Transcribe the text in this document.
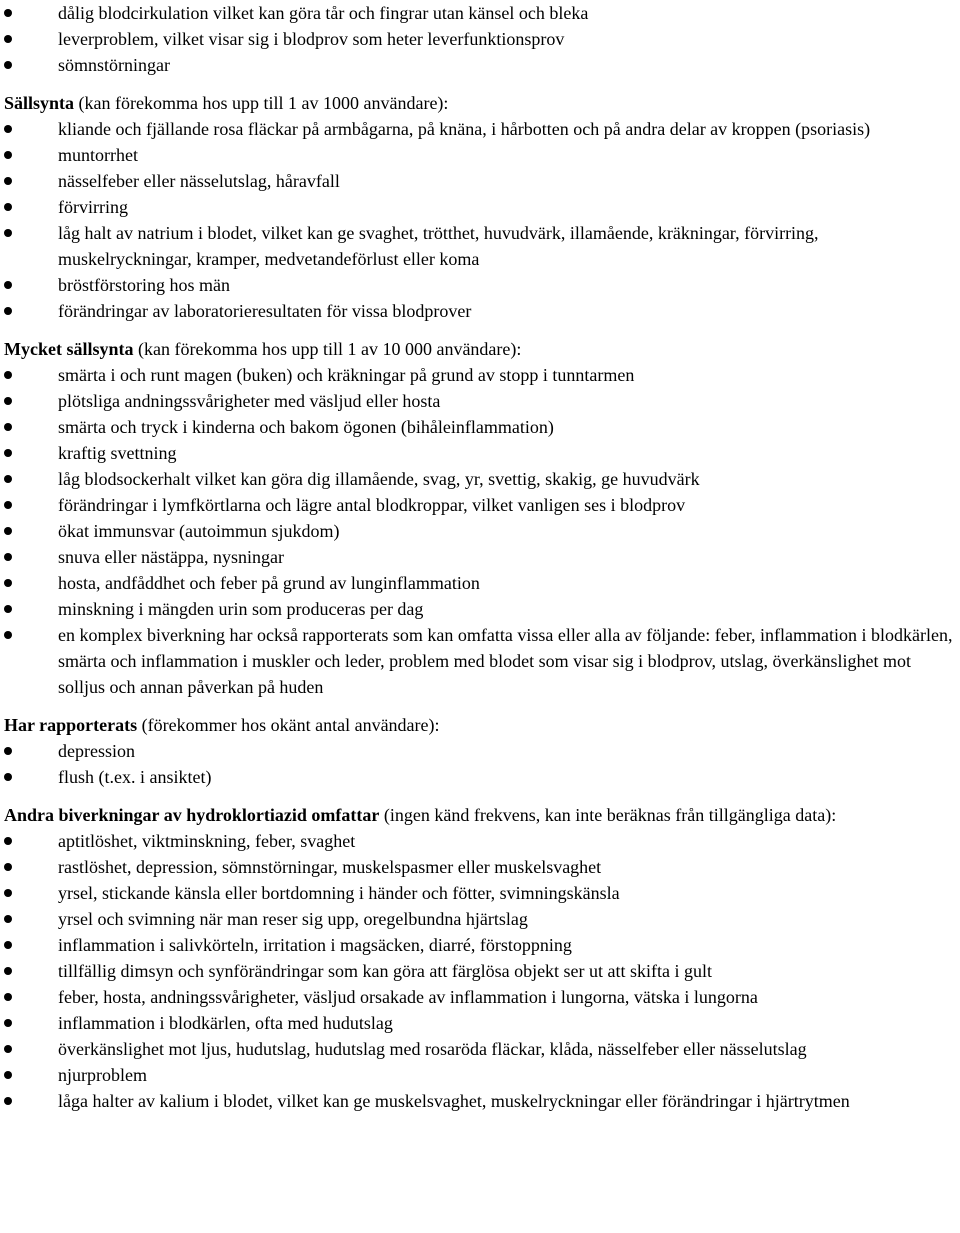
dålig blodcirkulation vilket kan göra tår och fingrar utan känsel och bleka
leverproblem, vilket visar sig i blodprov som heter leverfunktionsprov
sömnstörningar
Sällsynta (kan förekomma hos upp till 1 av 1000 användare):
kliande och fjällande rosa fläckar på armbågarna, på knäna, i hårbotten och på andra delar av kroppen (psoriasis)
muntorrhet
nässelfeber eller nässelutslag, håravfall
förvirring
låg halt av natrium i blodet, vilket kan ge svaghet, trötthet, huvudvärk, illamående, kräkningar, förvirring, muskelryckningar, kramper, medvetandeförlust eller koma
bröstförstoring hos män
förändringar av laboratorieresultaten för vissa blodprover
Mycket sällsynta (kan förekomma hos upp till 1 av 10 000 användare):
smärta i och runt magen (buken) och kräkningar på grund av stopp i tunntarmen
plötsliga andningssvårigheter med väsljud eller hosta
smärta och tryck i kinderna och bakom ögonen (bihåleinflammation)
kraftig svettning
låg blodsockerhalt vilket kan göra dig illamående, svag, yr, svettig, skakig, ge huvudvärk
förändringar i lymfkörtlarna och lägre antal blodkroppar, vilket vanligen ses i blodprov
ökat immunsvar (autoimmun sjukdom)
snuva eller nästäppa, nysningar
hosta, andfåddhet och feber på grund av lunginflammation
minskning i mängden urin som produceras per dag
en komplex biverkning har också rapporterats som kan omfatta vissa eller alla av följande: feber, inflammation i blodkärlen, smärta och inflammation i muskler och leder, problem med blodet som visar sig i blodprov, utslag, överkänslighet mot solljus och annan påverkan på huden
Har rapporterats (förekommer hos okänt antal användare):
depression
flush (t.ex. i ansiktet)
Andra biverkningar av hydroklortiazid omfattar (ingen känd frekvens, kan inte beräknas från tillgängliga data):
aptitlöshet, viktminskning, feber, svaghet
rastlöshet, depression, sömnstörningar, muskelspasmer eller muskelsvaghet
yrsel, stickande känsla eller bortdomning i händer och fötter, svimningskänsla
yrsel och svimning när man reser sig upp, oregelbundna hjärtslag
inflammation i salivkörteln, irritation i magsäcken, diarré, förstoppning
tillfällig dimsyn och synförändringar som kan göra att färglösa objekt ser ut att skifta i gult
feber, hosta, andningssvårigheter, väsljud orsakade av inflammation i lungorna, vätska i lungorna
inflammation i blodkärlen, ofta med hudutslag
överkänslighet mot ljus, hudutslag, hudutslag med rosaröda fläckar, klåda, nässelfeber eller nässelutslag
njurproblem
låga halter av kalium i blodet, vilket kan ge muskelsvaghet, muskelryckningar eller förändringar i hjärtrytmen
